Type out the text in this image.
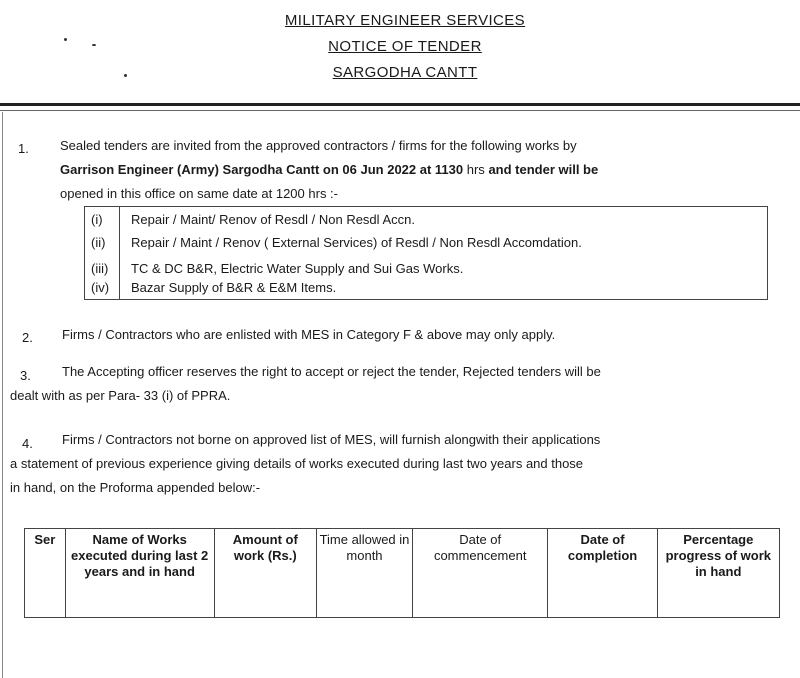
MILITARY ENGINEER SERVICES
NOTICE OF TENDER
SARGODHA CANTT
1. Sealed tenders are invited from the approved contractors / firms for the following works by
Garrison Engineer (Army) Sargodha Cantt on 06 Jun 2022 at 1130 hrs and tender will be
opened in this office on same date at 1200 hrs :-
(i)	Repair / Maint/ Renov of Resdl / Non Resdl Accn.
(ii)	Repair / Maint / Renov ( External Services) of Resdl / Non Resdl Accomdation.
(iii)	TC & DC B&R, Electric Water Supply and Sui Gas Works.
(iv)	Bazar Supply of B&R & E&M Items.
2. Firms / Contractors who are enlisted with MES in Category F & above may only apply.
3. The Accepting officer reserves the right to accept or reject the tender, Rejected tenders will be
dealt with as per Para- 33 (i) of PPRA.
4. Firms / Contractors not borne on approved list of MES, will furnish alongwith their applications
a statement of previous experience giving details of works executed during last two years and those
in hand, on the Proforma appended below:-
Ser	Name of Works executed during last 2 years and in hand	Amount of work (Rs.)	Time allowed in month	Date of commencement	Date of completion	Percentage progress of work in hand
